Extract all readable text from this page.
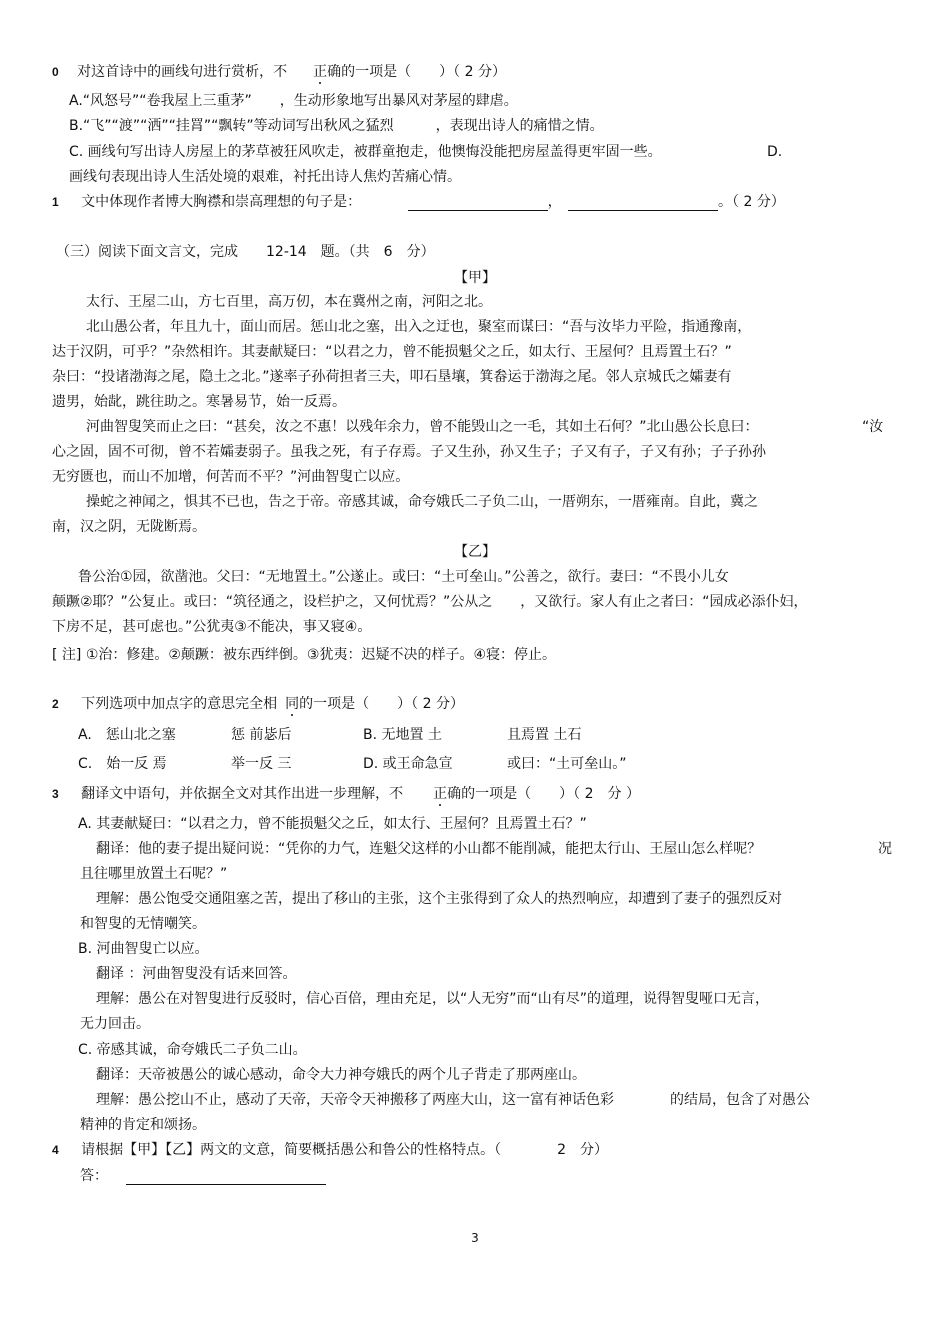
0 对这首诗中的画线句进行赏析，不 正确的一项是（　　）（ 2 分）
A.“风怒号”“卷我屋上三重茅”　　，生动形象地写出暴风对茅屋的肆虐。
B.“飞”“渡”“洒”“挂罥”“飘转”等动词写出秋风之猛烈　　　，表现出诗人的痛惜之情。
C. 画线句写出诗人房屋上的茅草被狂风吹走，被群童抱走，他懊悔没能把房屋盖得更牢固一些。	D.
画线句表现出诗人生活处境的艰难，衬托出诗人焦灼苦痛心情。
1 文中体现作者博大胸襟和崇高理想的句子是：	，	。（ 2 分）
（三）阅读下面文言文，完成　　12-14　题。（共　6　分）
【甲】
太行、王屋二山，方七百里，高万仞，本在冀州之南，河阳之北。
北山愚公者，年且九十，面山而居。惩山北之塞，出入之迂也，聚室而谋曰：“吾与汝毕力平险，指通豫南，
达于汉阴，可乎？”杂然相许。其妻献疑曰：“以君之力，曾不能损魁父之丘，如太行、王屋何？且焉置土石？”
杂曰：“投诸渤海之尾，隐土之北。”遂率子孙荷担者三夫，叩石垦壤，箕畚运于渤海之尾。邻人京城氏之孀妻有
遗男，始龀，跳往助之。寒暑易节，始一反焉。
河曲智叟笑而止之曰：“甚矣，汝之不惠！以残年余力，曾不能毁山之一毛，其如土石何？”北山愚公长息曰：	“汝
心之固，固不可彻，曾不若孀妻弱子。虽我之死，有子存焉。子又生孙，孙又生子；子又有子，子又有孙；子子孙孙
无穷匮也，而山不加增，何苦而不平？”河曲智叟亡以应。
操蛇之神闻之，惧其不已也，告之于帝。帝感其诚，命夸娥氏二子负二山，一厝朔东，一厝雍南。自此，冀之
南，汉之阴，无陇断焉。
【乙】
鲁公治①园，欲凿池。父曰：“无地置土。”公遂止。或曰：“土可垒山。”公善之，欲行。妻曰：“不畏小儿女
颠蹶②耶？”公复止。或曰：“筑径通之，设栏护之，又何忧焉？”公从之　　，又欲行。家人有止之者曰：“园成必添仆妇，
下房不足，甚可虑也。”公犹夷③不能决，事又寝④。
[ 注] ①治：修建。②颠蹶：被东西绊倒。③犹夷：迟疑不决的样子。④寝：停止。
2 下列选项中加点字的意思完全相 同的一项是（　　）（ 2 分）
A.　惩山北之塞	惩 前毖后	B. 无地置 土	且焉置 土石
C.　始一反 焉	举一反 三	D. 或王命急宣	或曰：“土可垒山。”
3 翻译文中语句，并依据全文对其作出进一步理解，不 正确的一项是（　　）（ 2　分 ）
A. 其妻献疑曰：“以君之力，曾不能损魁父之丘，如太行、王屋何？且焉置土石？”
翻译：他的妻子提出疑问说：“凭你的力气，连魁父这样的小山都不能削减，能把太行山、王屋山怎么样呢？	况
且往哪里放置土石呢？”
理解：愚公饱受交通阻塞之苦，提出了移山的主张，这个主张得到了众人的热烈响应，却遭到了妻子的强烈反对
和智叟的无情嘲笑。
B. 河曲智叟亡以应。
翻译 ：河曲智叟没有话来回答。
理解：愚公在对智叟进行反驳时，信心百倍，理由充足，以“人无穷”而“山有尽”的道理，说得智叟哑口无言，
无力回击。
C. 帝感其诚，命夸娥氏二子负二山。
翻译：天帝被愚公的诚心感动，命令大力神夸娥氏的两个儿子背走了那两座山。
理解：愚公挖山不止，感动了天帝，天帝令天神搬移了两座大山，这一富有神话色彩　　　　的结局，包含了对愚公
精神的肯定和颂扬。
4 请根据【甲】【乙】两文的文意，简要概括愚公和鲁公的性格特点。（　　　　2　分）
答：
3
